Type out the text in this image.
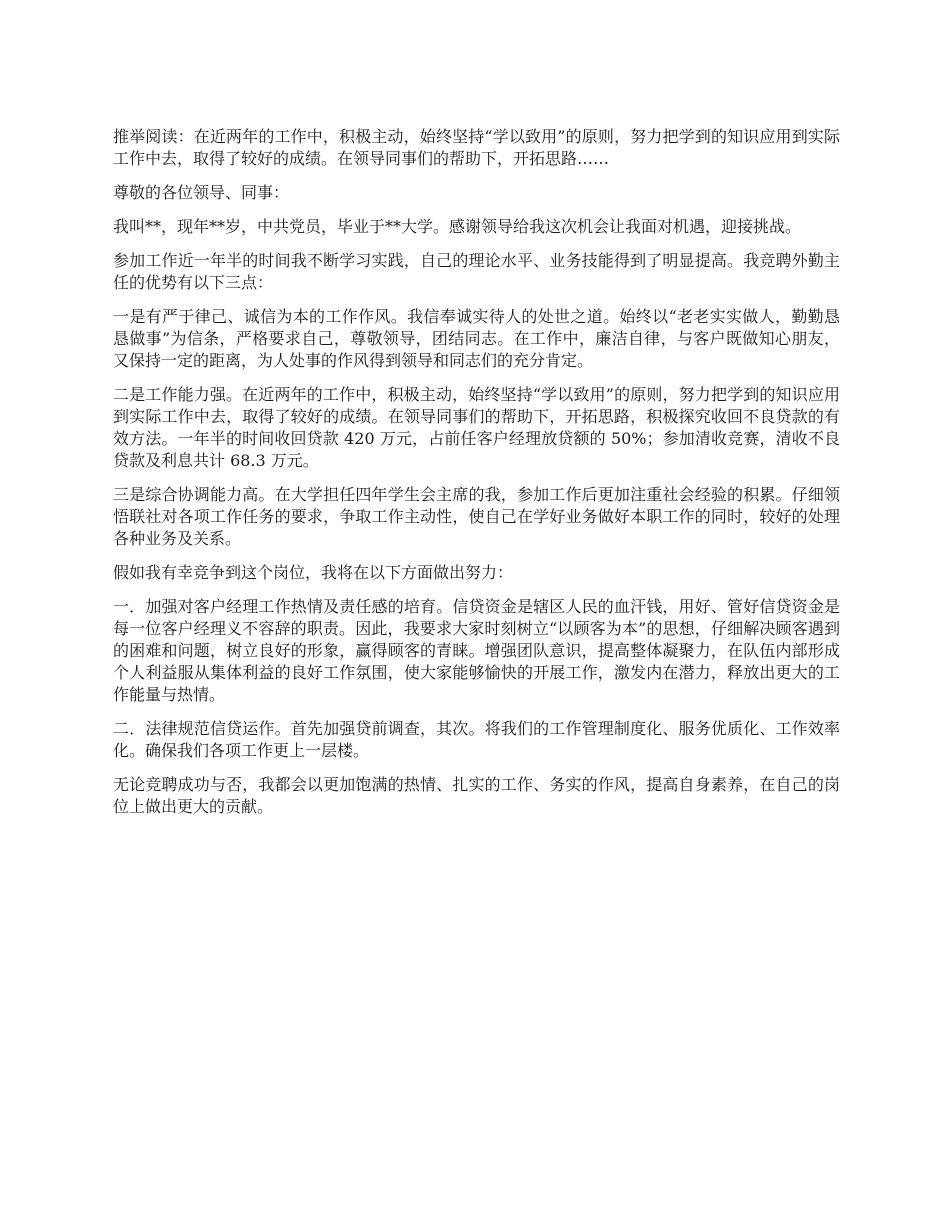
推举阅读：在近两年的工作中，积极主动，始终坚持“学以致用”的原则，努力把学到的知识应用到实际工作中去，取得了较好的成绩。在领导同事们的帮助下，开拓思路……

尊敬的各位领导、同事：

我叫**，现年**岁，中共党员，毕业于**大学。感谢领导给我这次机会让我面对机遇，迎接挑战。

参加工作近一年半的时间我不断学习实践，自己的理论水平、业务技能得到了明显提高。我竞聘外勤主任的优势有以下三点：

一是有严于律己、诚信为本的工作作风。我信奉诚实待人的处世之道。始终以“老老实实做人，勤勤恳恳做事”为信条，严格要求自己，尊敬领导，团结同志。在工作中，廉洁自律，与客户既做知心朋友，又保持一定的距离，为人处事的作风得到领导和同志们的充分肯定。

二是工作能力强。在近两年的工作中，积极主动，始终坚持“学以致用”的原则，努力把学到的知识应用到实际工作中去，取得了较好的成绩。在领导同事们的帮助下，开拓思路，积极探究收回不良贷款的有效方法。一年半的时间收回贷款 420 万元，占前任客户经理放贷额的 50%；参加清收竞赛，清收不良贷款及利息共计 68.3 万元。

三是综合协调能力高。在大学担任四年学生会主席的我，参加工作后更加注重社会经验的积累。仔细领悟联社对各项工作任务的要求，争取工作主动性，使自己在学好业务做好本职工作的同时，较好的处理各种业务及关系。

假如我有幸竞争到这个岗位，我将在以下方面做出努力：

一．加强对客户经理工作热情及责任感的培育。信贷资金是辖区人民的血汗钱，用好、管好信贷资金是每一位客户经理义不容辞的职责。因此，我要求大家时刻树立“以顾客为本”的思想，仔细解决顾客遇到的困难和问题，树立良好的形象，赢得顾客的青睐。增强团队意识，提高整体凝聚力，在队伍内部形成个人利益服从集体利益的良好工作氛围，使大家能够愉快的开展工作，激发内在潜力，释放出更大的工作能量与热情。

二．法律规范信贷运作。首先加强贷前调查，其次。将我们的工作管理制度化、服务优质化、工作效率化。确保我们各项工作更上一层楼。

无论竞聘成功与否，我都会以更加饱满的热情、扎实的工作、务实的作风，提高自身素养，在自己的岗位上做出更大的贡献。
